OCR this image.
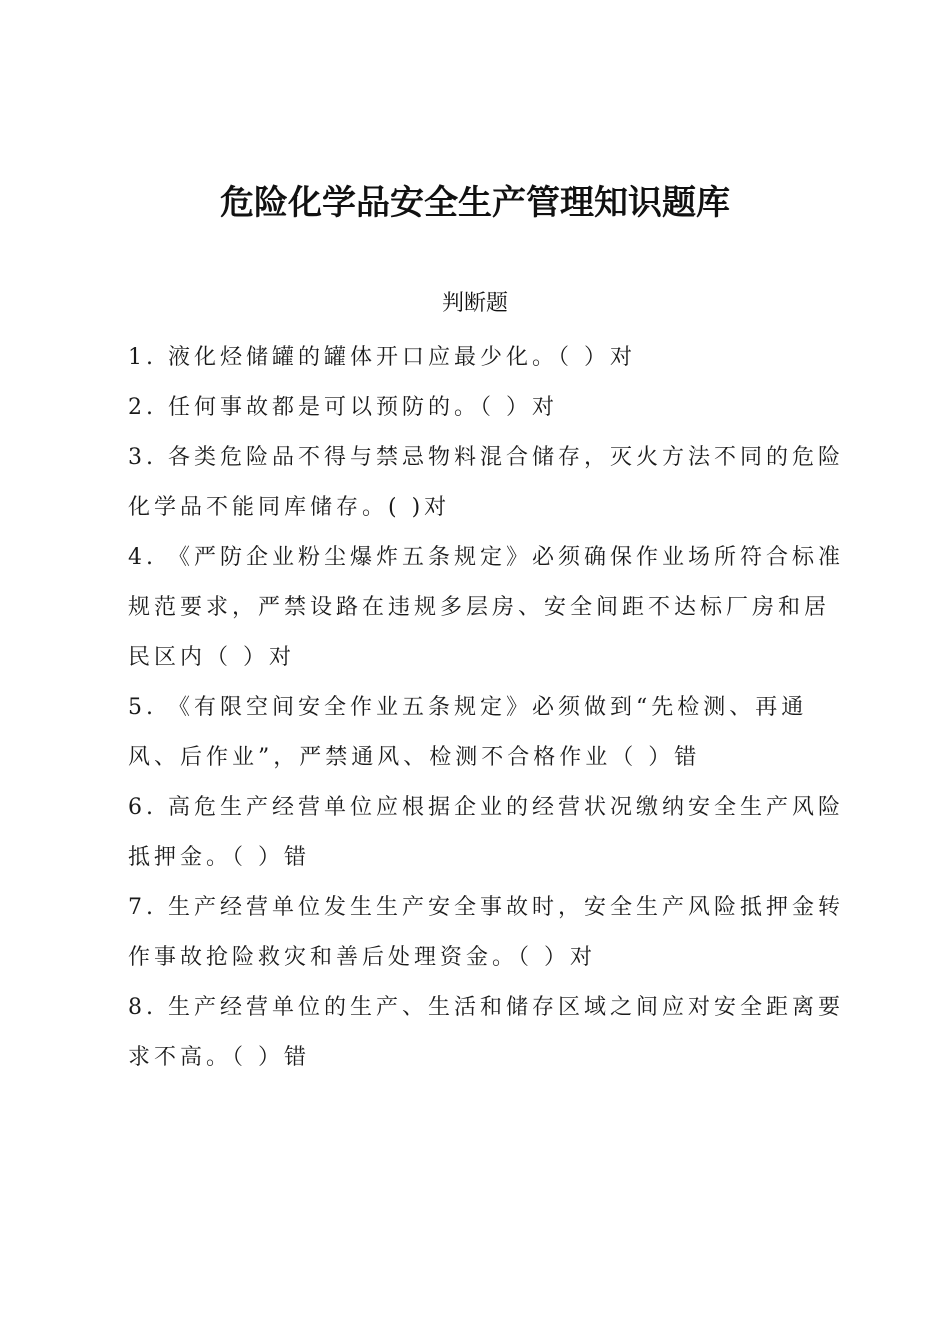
危险化学品安全生产管理知识题库
判断题
1. 液化烃储罐的罐体开口应最少化。（ ）对
2. 任何事故都是可以预防的。（ ）对
3. 各类危险品不得与禁忌物料混合储存，灭火方法不同的危险化学品不能同库储存。( )对
4. 《严防企业粉尘爆炸五条规定》必须确保作业场所符合标准规范要求，严禁设路在违规多层房、安全间距不达标厂房和居民区内（ ）对
5. 《有限空间安全作业五条规定》必须做到“先检测、再通风、后作业”，严禁通风、检测不合格作业（ ）错
6. 高危生产经营单位应根据企业的经营状况缴纳安全生产风险抵押金。（ ）错
7. 生产经营单位发生生产安全事故时，安全生产风险抵押金转作事故抢险救灾和善后处理资金。（ ）对
8. 生产经营单位的生产、生活和储存区域之间应对安全距离要求不高。（ ）错
